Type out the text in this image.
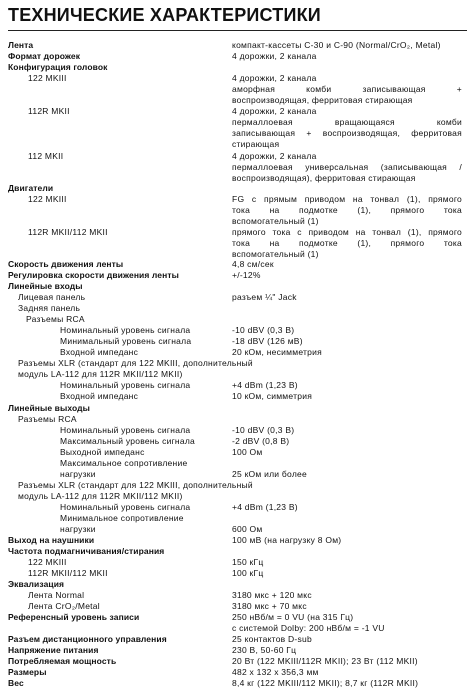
ТЕХНИЧЕСКИЕ ХАРАКТЕРИСТИКИ
Лента
Формат дорожек
Конфигурация головок
122 MKIII
112R MKII
112 MKII
Двигатели
122 MKIII
112R MKII/112 MKII
Скорость движения ленты
Регулировка скорости движения ленты
Линейные входы
Лицевая панель
Задняя панель
Разъемы RCA
Номинальный уровень сигнала
Минимальный уровень сигнала
Входной импеданс
Разъемы XLR (стандарт для 122 MKIII, дополнительный
модуль LA-112 для 112R MKII/112 MKII)
Номинальный уровень сигнала
Входной импеданс
Линейные выходы
Разъемы RCA
Номинальный уровень сигнала
Максимальный уровень сигнала
Выходной импеданс
Максимальное сопротивление
нагрузки
Разъемы XLR (стандарт для 122 MKIII, дополнительный
модуль LA-112 для 112R MKII/112 MKII)
Номинальный уровень сигнала
Минимальное сопротивление
нагрузки
Выход на наушники
Частота подмагничивания/стирания
122 MKIII
112R MKII/112 MKII
Эквализация
Лента Normal
Лента CrO₂/Metal
Референсный уровень записи
Разъем дистанционного управления
Напряжение питания
Потребляемая мощность
Размеры
Вес
компакт-кассеты С-30 и С-90 (Normal/CrO₂, Metal)
4 дорожки, 2 канала
4 дорожки, 2 канала
аморфная комби записывающая +
воспроизводящая, ферритовая стирающая
4 дорожки, 2 канала
пермаллоевая вращающаяся комби
записывающая + воспроизводящая, ферритовая
стирающая
4 дорожки, 2 канала
пермаллоевая универсальная (записывающая /
воспроизводящая), ферритовая стирающая
FG с прямым приводом на тонвал (1), прямого
тока на подмотке (1), прямого тока
вспомогательный (1)
прямого тока с приводом на тонвал (1), прямого
тока на подмотке (1), прямого тока
вспомогательный (1)
4,8 см/сек
+/-12%
разъем ¼" Jack
-10 dBV (0,3 В)
-18 dBV (126 мВ)
20 кОм, несимметрия
+4 dBm (1,23 В)
10 кОм, симметрия
-10 dBV (0,3 В)
-2 dBV (0,8 В)
100 Ом
25 кОм или более
+4 dBm (1,23 В)
600 Ом
100 мВ (на нагрузку 8 Ом)
150 кГц
100 кГц
3180 мкс + 120 мкс
3180 мкс + 70 мкс
250 нВб/м = 0 VU (на 315 Гц)
с системой Dolby: 200 нВб/м = -1 VU
25 контактов D-sub
230 В, 50-60 Гц
20 Вт (122 MKIII/112R MKII); 23 Вт (112 MKII)
482 x 132 x 356,3 мм
8,4 кг (122 MKIII/112 MKII); 8,7 кг (112R MKII)
